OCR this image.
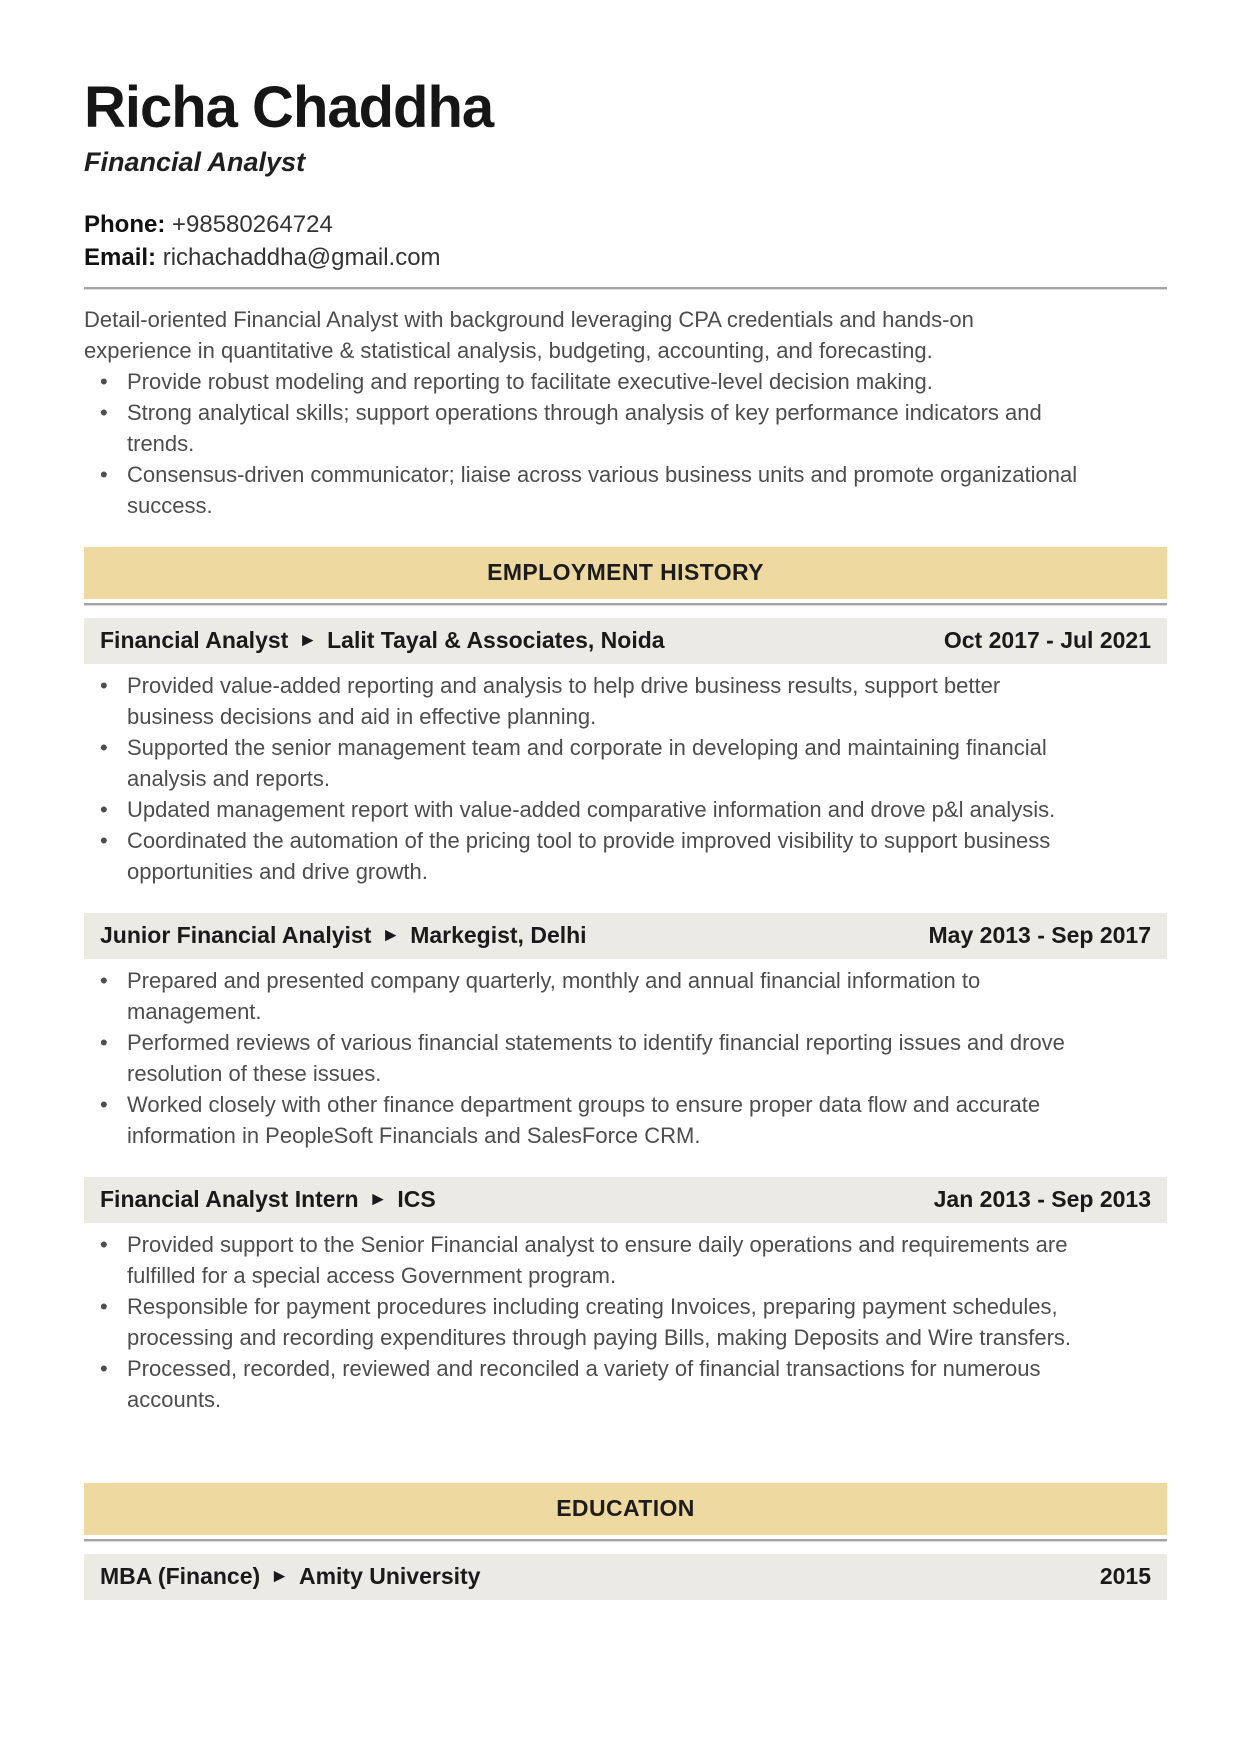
Richa Chaddha
Financial Analyst
Phone: +98580264724
Email: richachaddha@gmail.com

Detail-oriented Financial Analyst with background leveraging CPA credentials and hands-on experience in quantitative & statistical analysis, budgeting, accounting, and forecasting.

• Provide robust modeling and reporting to facilitate executive-level decision making.
• Strong analytical skills; support operations through analysis of key performance indicators and trends.
• Consensus-driven communicator; liaise across various business units and promote organizational success.
EMPLOYMENT HISTORY
Financial Analyst ► Lalit Tayal & Associates, Noida	Oct 2017 - Jul 2021
• Provided value-added reporting and analysis to help drive business results, support better business decisions and aid in effective planning.
• Supported the senior management team and corporate in developing and maintaining financial analysis and reports.
• Updated management report with value-added comparative information and drove p&l analysis.
• Coordinated the automation of the pricing tool to provide improved visibility to support business opportunities and drive growth.
Junior Financial Analyist ► Markegist, Delhi	May 2013 - Sep 2017
• Prepared and presented company quarterly, monthly and annual financial information to management.
• Performed reviews of various financial statements to identify financial reporting issues and drove resolution of these issues.
• Worked closely with other finance department groups to ensure proper data flow and accurate information in PeopleSoft Financials and SalesForce CRM.
Financial Analyst Intern ► ICS	Jan 2013 - Sep 2013
• Provided support to the Senior Financial analyst to ensure daily operations and requirements are fulfilled for a special access Government program.
• Responsible for payment procedures including creating Invoices, preparing payment schedules, processing and recording expenditures through paying Bills, making Deposits and Wire transfers.
• Processed, recorded, reviewed and reconciled a variety of financial transactions for numerous accounts.
EDUCATION
MBA (Finance) ► Amity University	2015
